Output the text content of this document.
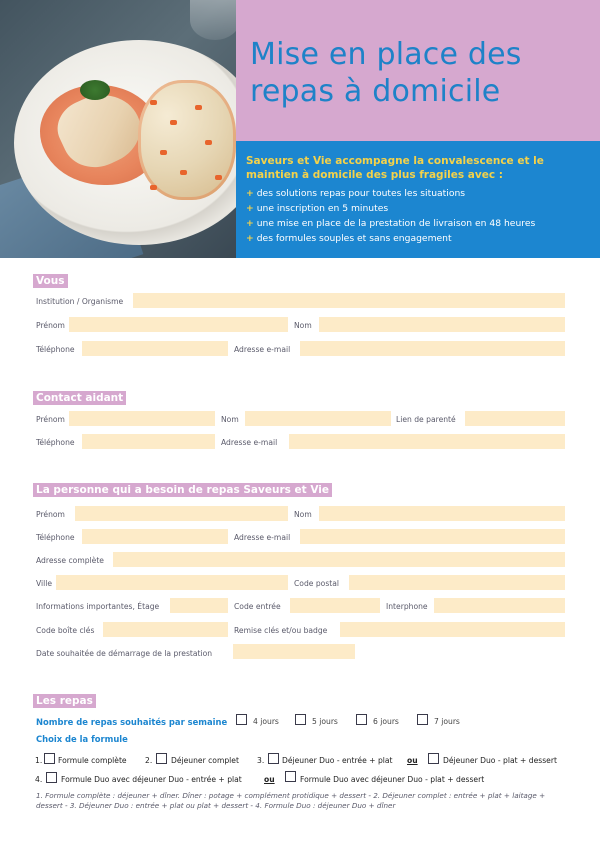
Mise en place des repas à domicile
Saveurs et Vie accompagne la convalescence et le maintien à domicile des plus fragiles avec :
+ des solutions repas pour toutes les situations
+ une inscription en 5 minutes
+ une mise en place de la prestation de livraison en 48 heures
+ des formules souples et sans engagement
Vous
Institution / Organisme
Prénom	Nom
Téléphone	Adresse e-mail
Contact aidant
Prénom	Nom	Lien de parenté
Téléphone	Adresse e-mail
La personne qui a besoin de repas Saveurs et Vie
Prénom	Nom
Téléphone	Adresse e-mail
Adresse complète
Ville	Code postal
Informations importantes, Étage	Code entrée	Interphone
Code boîte clés	Remise clés et/ou badge
Date souhaitée de démarrage de la prestation
Les repas
Nombre de repas souhaités par semaine	4 jours	5 jours	6 jours	7 jours
Choix de la formule
1. Formule complète 2. Déjeuner complet 3. Déjeuner Duo - entrée + plat ou	Déjeuner Duo - plat + dessert
4. Formule Duo avec déjeuner Duo - entrée + plat	ou	Formule Duo avec déjeuner Duo - plat + dessert
1. Formule complète : déjeuner + dîner. Dîner : potage + complément protidique + dessert - 2. Déjeuner complet : entrée + plat + laitage + dessert - 3. Déjeuner Duo : entrée + plat ou plat + dessert - 4. Formule Duo : déjeuner Duo + dîner
